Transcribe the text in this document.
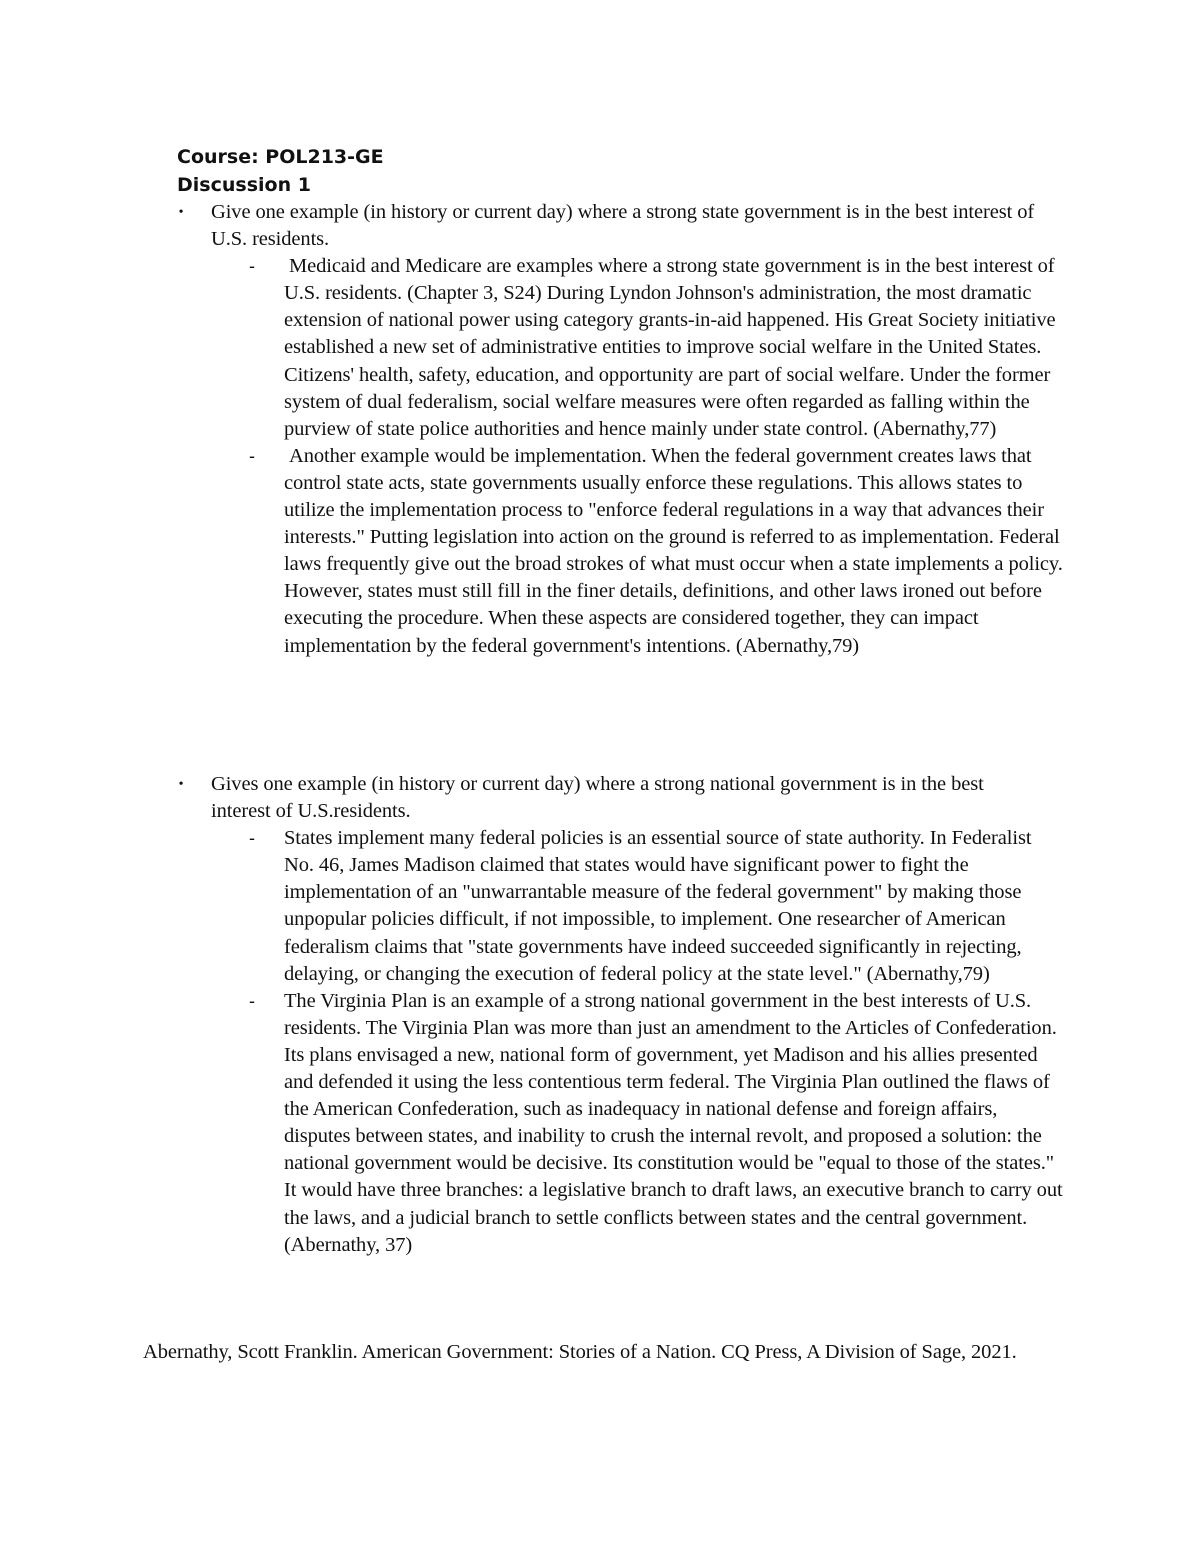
Course: POL213-GE

Discussion 1

• Give one example (in history or current day) where a strong state government is in the best interest of U.S. residents.
- Medicaid and Medicare are examples where a strong state government is in the best interest of U.S. residents. (Chapter 3, S24) During Lyndon Johnson's administration, the most dramatic extension of national power using category grants-in-aid happened. His Great Society initiative established a new set of administrative entities to improve social welfare in the United States. Citizens' health, safety, education, and opportunity are part of social welfare. Under the former system of dual federalism, social welfare measures were often regarded as falling within the purview of state police authorities and hence mainly under state control. (Abernathy,77)
- Another example would be implementation. When the federal government creates laws that control state acts, state governments usually enforce these regulations. This allows states to utilize the implementation process to "enforce federal regulations in a way that advances their interests." Putting legislation into action on the ground is referred to as implementation. Federal laws frequently give out the broad strokes of what must occur when a state implements a policy. However, states must still fill in the finer details, definitions, and other laws ironed out before executing the procedure. When these aspects are considered together, they can impact implementation by the federal government's intentions. (Abernathy,79)
• Gives one example (in history or current day) where a strong national government is in the best interest of U.S.residents.
- States implement many federal policies is an essential source of state authority. In Federalist No. 46, James Madison claimed that states would have significant power to fight the implementation of an "unwarrantable measure of the federal government" by making those unpopular policies difficult, if not impossible, to implement. One researcher of American federalism claims that "state governments have indeed succeeded significantly in rejecting, delaying, or changing the execution of federal policy at the state level." (Abernathy,79)
- The Virginia Plan is an example of a strong national government in the best interests of U.S. residents. The Virginia Plan was more than just an amendment to the Articles of Confederation. Its plans envisaged a new, national form of government, yet Madison and his allies presented and defended it using the less contentious term federal. The Virginia Plan outlined the flaws of the American Confederation, such as inadequacy in national defense and foreign affairs, disputes between states, and inability to crush the internal revolt, and proposed a solution: the national government would be decisive. Its constitution would be "equal to those of the states." It would have three branches: a legislative branch to draft laws, an executive branch to carry out the laws, and a judicial branch to settle conflicts between states and the central government. (Abernathy, 37)

Abernathy, Scott Franklin. American Government: Stories of a Nation. CQ Press, A Division of Sage, 2021.
